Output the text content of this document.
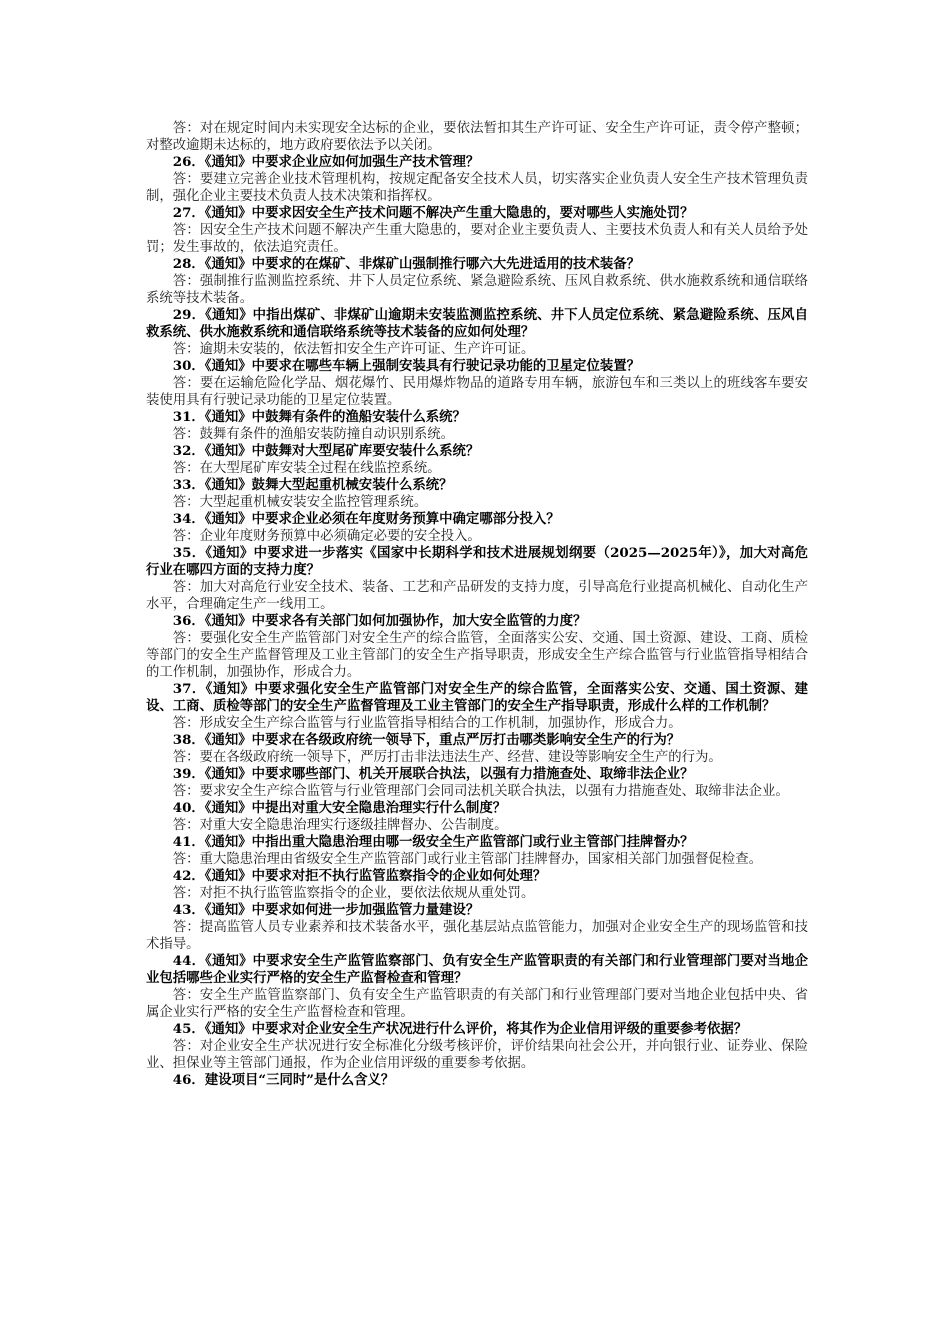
答：对在规定时间内未实现安全达标的企业，要依法暂扣其生产许可证、安全生产许可证，责令停产整顿；对整改逾期未达标的，地方政府要依法予以关闭。

26．《通知》中要求企业应如何加强生产技术管理？

答：要建立完善企业技术管理机构，按规定配备安全技术人员，切实落实企业负责人安全生产技术管理负责制，强化企业主要技术负责人技术决策和指挥权。

27．《通知》中要求因安全生产技术问题不解决产生重大隐患的，要对哪些人实施处罚？

答：因安全生产技术问题不解决产生重大隐患的，要对企业主要负责人、主要技术负责人和有关人员给予处罚；发生事故的，依法追究责任。

28．《通知》中要求的在煤矿、非煤矿山强制推行哪六大先进适用的技术装备？

答：强制推行监测监控系统、井下人员定位系统、紧急避险系统、压风自救系统、供水施救系统和通信联络系统等技术装备。

29．《通知》中指出煤矿、非煤矿山逾期未安装监测监控系统、井下人员定位系统、紧急避险系统、压风自救系统、供水施救系统和通信联络系统等技术装备的应如何处理？

答：逾期未安装的，依法暂扣安全生产许可证、生产许可证。

30．《通知》中要求在哪些车辆上强制安装具有行驶记录功能的卫星定位装置？

答：要在运输危险化学品、烟花爆竹、民用爆炸物品的道路专用车辆，旅游包车和三类以上的班线客车要安装使用具有行驶记录功能的卫星定位装置。

31．《通知》中鼓舞有条件的渔船安装什么系统？

答：鼓舞有条件的渔船安装防撞自动识别系统。

32．《通知》中鼓舞对大型尾矿库要安装什么系统？

答：在大型尾矿库安装全过程在线监控系统。

33．《通知》鼓舞大型起重机械安装什么系统？

答：大型起重机械安装安全监控管理系统。

34．《通知》中要求企业必须在年度财务预算中确定哪部分投入？

答：企业年度财务预算中必须确定必要的安全投入。

35．《通知》中要求进一步落实《国家中长期科学和技术进展规划纲要（2025—2025年）》，加大对高危行业在哪四方面的支持力度？

答：加大对高危行业安全技术、装备、工艺和产品研发的支持力度，引导高危行业提高机械化、自动化生产水平，合理确定生产一线用工。

36．《通知》中要求各有关部门如何加强协作，加大安全监管的力度？

答：要强化安全生产监管部门对安全生产的综合监管，全面落实公安、交通、国土资源、建设、工商、质检等部门的安全生产监督管理及工业主管部门的安全生产指导职责，形成安全生产综合监管与行业监管指导相结合的工作机制，加强协作，形成合力。

37．《通知》中要求强化安全生产监管部门对安全生产的综合监管，全面落实公安、交通、国土资源、建设、工商、质检等部门的安全生产监督管理及工业主管部门的安全生产指导职责，形成什么样的工作机制？

答：形成安全生产综合监管与行业监管指导相结合的工作机制，加强协作，形成合力。

38．《通知》中要求在各级政府统一领导下，重点严厉打击哪类影响安全生产的行为？

答：要在各级政府统一领导下，严厉打击非法违法生产、经营、建设等影响安全生产的行为。

39．《通知》中要求哪些部门、机关开展联合执法，以强有力措施查处、取缔非法企业？

答：要求安全生产综合监管与行业管理部门会同司法机关联合执法，以强有力措施查处、取缔非法企业。

40．《通知》中提出对重大安全隐患治理实行什么制度？

答：对重大安全隐患治理实行逐级挂牌督办、公告制度。

41．《通知》中指出重大隐患治理由哪一级安全生产监管部门或行业主管部门挂牌督办？

答：重大隐患治理由省级安全生产监管部门或行业主管部门挂牌督办，国家相关部门加强督促检查。

42．《通知》中要求对拒不执行监管监察指令的企业如何处理？

答：对拒不执行监管监察指令的企业，要依法依规从重处罚。

43．《通知》中要求如何进一步加强监管力量建设？

答：提高监管人员专业素养和技术装备水平，强化基层站点监管能力，加强对企业安全生产的现场监管和技术指导。

44．《通知》中要求安全生产监管监察部门、负有安全生产监管职责的有关部门和行业管理部门要对当地企业包括哪些企业实行严格的安全生产监督检查和管理？

答：安全生产监管监察部门、负有安全生产监管职责的有关部门和行业管理部门要对当地企业包括中央、省属企业实行严格的安全生产监督检查和管理。

45．《通知》中要求对企业安全生产状况进行什么评价，将其作为企业信用评级的重要参考依据？

答：对企业安全生产状况进行安全标准化分级考核评价，评价结果向社会公开，并向银行业、证券业、保险业、担保业等主管部门通报，作为企业信用评级的重要参考依据。

46．建设项目“三同时”是什么含义？
